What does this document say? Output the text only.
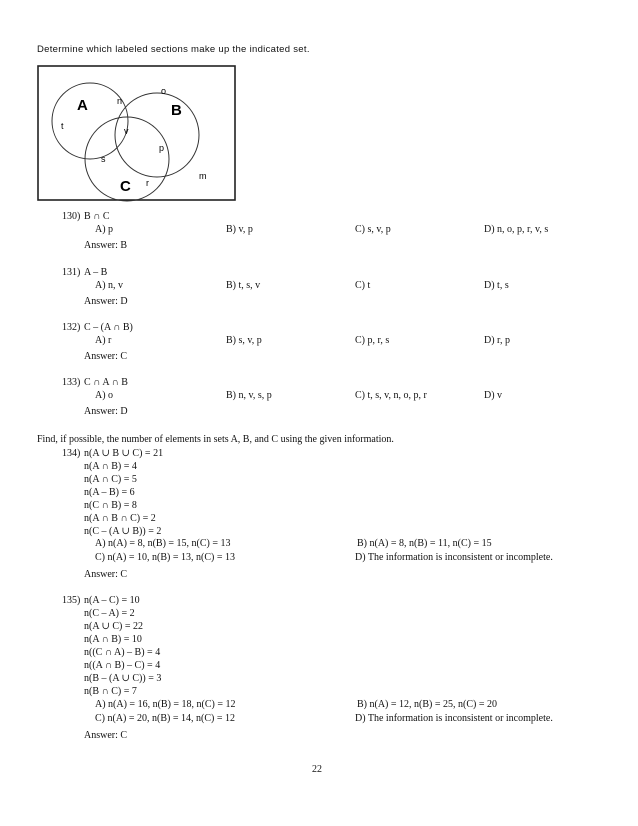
Determine which labeled sections make up the indicated set.
A	B
C
t
n
o
v
s
p
r
m
130) B ∩ C
A) p	B) v, p	C) s, v, p	D) n, o, p, r, v, s
Answer: B
131) A – B
A) n, v	B) t, s, v	C) t	D) t, s
Answer: D
132) C – (A ∩ B)
A) r	B) s, v, p	C) p, r, s	D) r, p
Answer: C
133) C ∩ A ∩ B
A) o	B) n, v, s, p	C) t, s, v, n, o, p, r	D) v
Answer: D
Find, if possible, the number of elements in sets A, B, and C using the given information.
134) n(A ∪ B ∪ C) = 21
n(A ∩ B) = 4
n(A ∩ C) = 5
n(A – B) = 6
n(C ∩ B) = 8
n(A ∩ B ∩ C) = 2
n(C – (A ∪ B)) = 2
A) n(A) = 8, n(B) = 15, n(C) = 13	B) n(A) = 8, n(B) = 11, n(C) = 15
C) n(A) = 10, n(B) = 13, n(C) = 13	D) The information is inconsistent or incomplete.
Answer: C
135) n(A – C) = 10
n(C – A) = 2
n(A ∪ C) = 22
n(A ∩ B) = 10
n((C ∩ A) – B) = 4
n((A ∩ B) – C) = 4
n(B – (A ∪ C)) = 3
n(B ∩ C) = 7
A) n(A) = 16, n(B) = 18, n(C) = 12	B) n(A) = 12, n(B) = 25, n(C) = 20
C) n(A) = 20, n(B) = 14, n(C) = 12	D) The information is inconsistent or incomplete.
Answer: C
22
